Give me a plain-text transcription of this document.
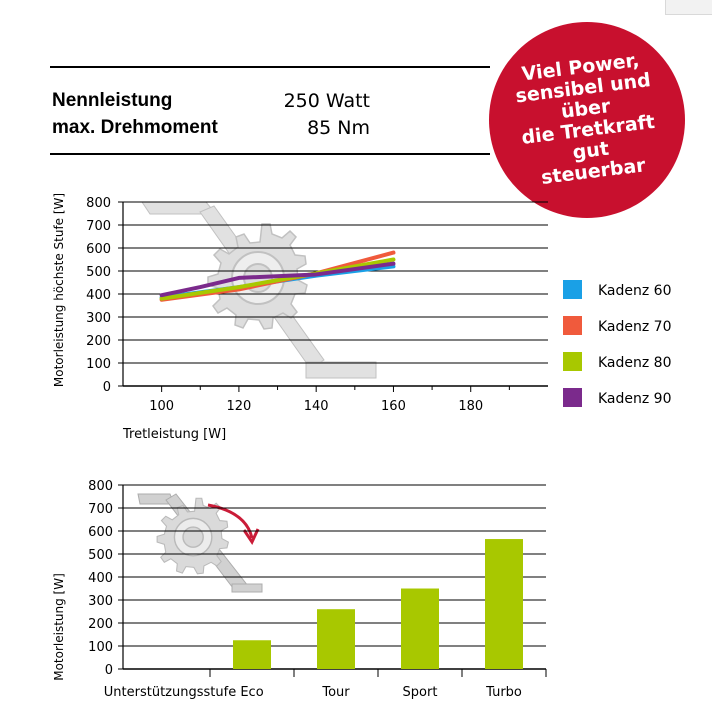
Nennleistung	250 Watt
max. Drehmoment	85 Nm
Viel Power,
sensibel und über
die Tretkraft gut
steuerbar
0
100
200
300
400
500
600
700
800
100	120	140	160	180
Tretleistung [W]
Motorleistung höchste Stufe [W]	Kadenz 60
Kadenz 70
Kadenz 80
Kadenz 90
0
100
200
300
400
500
600
700
800
Eco	Tour	Sport	Turbo
Unterstützungsstufe
Motorleistung [W]
